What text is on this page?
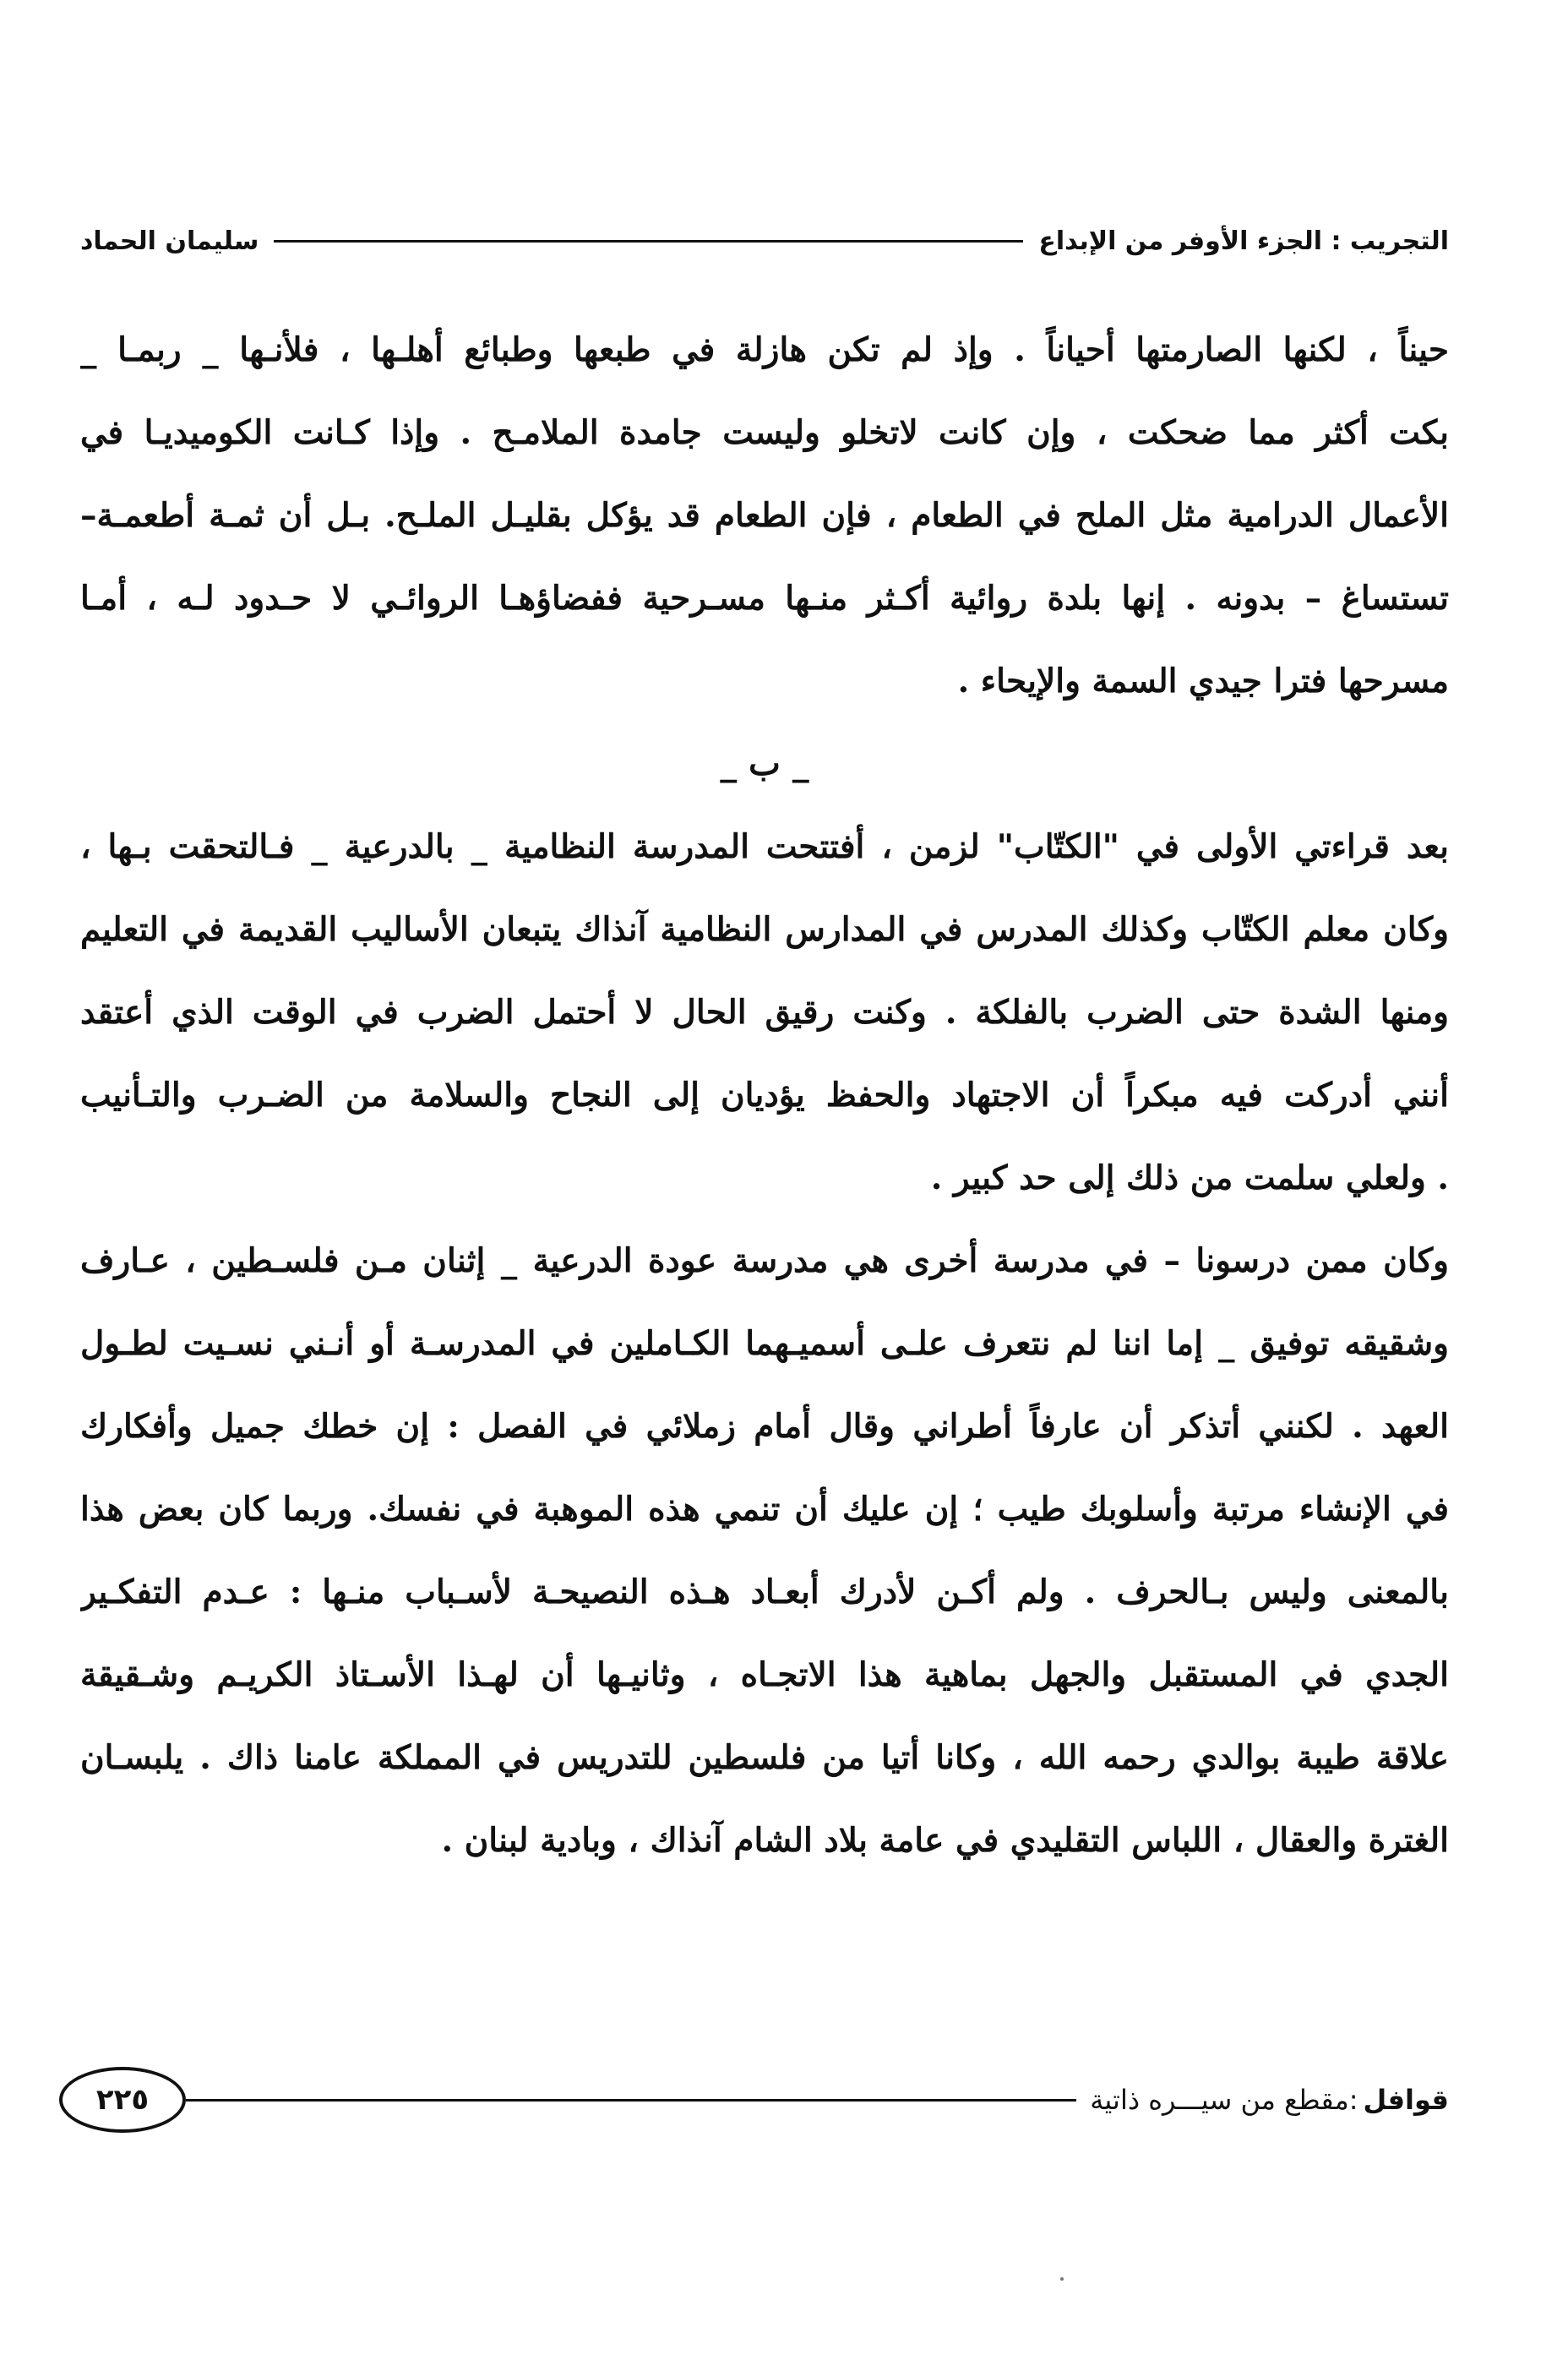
التجريب : الجزء الأوفر من الإبداع
سليمان الحماد
حيناً ، لكنها الصارمتها أحياناً . وإذ لم تكن هازلة في طبعها وطبائع أهلـها ، فلأنـها _ ربمـا _
بكت أكثر مما ضحكت ، وإن كانت لاتخلو وليست جامدة الملامـح . وإذا كـانت الكوميديـا في
الأعمال الدرامية مثل الملح في الطعام ، فإن الطعام قد يؤكل بقليـل الملـح. بـل أن ثمـة أطعمـة–
تستساغ – بدونه . إنها بلدة روائية أكـثر منـها مسـرحية ففضاؤهـا الروائـي لا حـدود لـه ، أمـا
مسرحها فترا جيدي السمة والإيحاء .
_ ب _
بعد قراءتي الأولى في "الكتّاب" لزمن ، أفتتحت المدرسة النظامية _ بالدرعية _ فـالتحقت بـها ،
وكان معلم الكتّاب وكذلك المدرس في المدارس النظامية آنذاك يتبعان الأساليب القديمة في التعليم
ومنها الشدة حتى الضرب بالفلكة . وكنت رقيق الحال لا أحتمل الضرب في الوقت الذي أعتقد
أنني أدركت فيه مبكراً أن الاجتهاد والحفظ يؤديان إلى النجاح والسلامة من الضـرب والتـأنيب
. ولعلي سلمت من ذلك إلى حد كبير .
وكان ممن درسونا – في مدرسة أخرى هي مدرسة عودة الدرعية _ إثنان مـن فلسـطين ، عـارف
وشقيقه توفيق _ إما اننا لم نتعرف علـى أسميـهما الكـاملين في المدرسـة أو أنـني نسـيت لطـول
العهد . لكنني أتذكر أن عارفاً أطراني وقال أمام زملائي في الفصل : إن خطك جميل وأفكارك
في الإنشاء مرتبة وأسلوبك طيب ؛ إن عليك أن تنمي هذه الموهبة في نفسك. وربما كان بعض هذا
بالمعنى وليس بـالحرف . ولم أكـن لأدرك أبعـاد هـذه النصيحـة لأسـباب منـها : عـدم التفكـير
الجدي في المستقبل والجهل بماهية هذا الاتجـاه ، وثانيـها أن لهـذا الأسـتاذ الكريـم وشـقيقة
علاقة طيبة بوالدي رحمه الله ، وكانا أتيا من فلسطين للتدريس في المملكة عامنا ذاك . يلبسـان
الغترة والعقال ، اللباس التقليدي في عامة بلاد الشام آنذاك ، وبادية لبنان .
قوافل
:مقطع من سيـــره ذاتية
٢٢٥
